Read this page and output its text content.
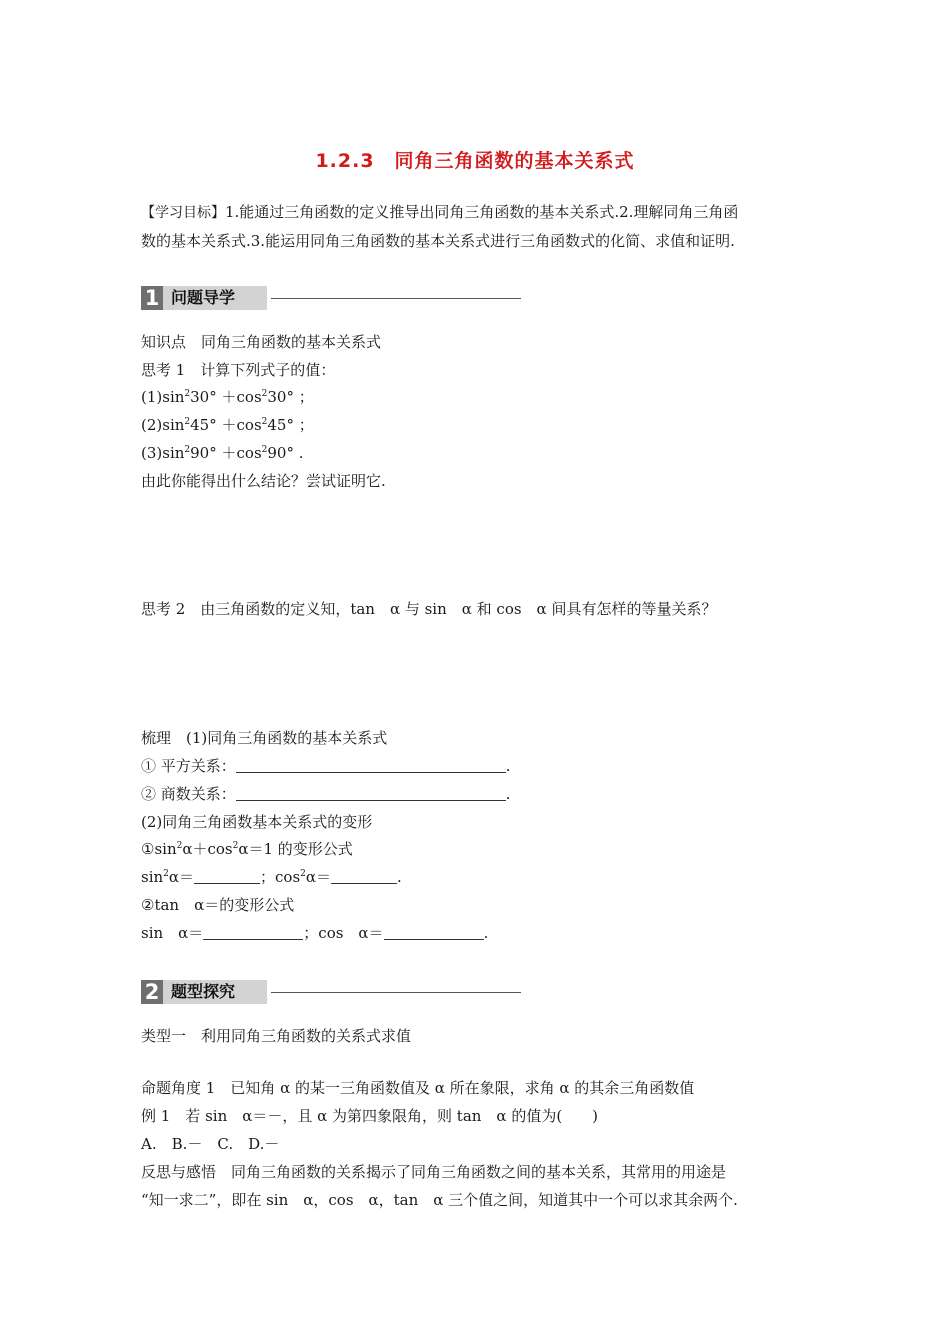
1.2.3　同角三角函数的基本关系式
【学习目标】1.能通过三角函数的定义推导出同角三角函数的基本关系式.2.理解同角三角函
数的基本关系式.3.能运用同角三角函数的基本关系式进行三角函数式的化简、求值和证明.
1 问题导学
知识点　同角三角函数的基本关系式
思考 1　计算下列式子的值：
$(1)\sin^230^\circ +\cos^230^\circ$ ；
$(2)\sin^245^\circ +\cos^245^\circ$ ；
$(3)\sin^290^\circ +\cos^290^\circ$ .
由此你能得出什么结论？尝试证明它.
思考 2　由三角函数的定义知，tan　α 与 sin　α 和 cos　α 间具有怎样的等量关系？
梳理　(1)同角三角函数的基本关系式
① 平方关系：	.
② 商数关系：	.
(2)同角三角函数基本关系式的变形
$①\sin^2\alpha+\cos^2\alpha=1$ 的变形公式
$\sin^2\alpha=$	；$\cos^2\alpha=$	.
②tan　α＝的变形公式
sin　α＝	；cos　α＝	.
2 题型探究
类型一　利用同角三角函数的关系式求值
命题角度 1　已知角 α 的某一三角函数值及 α 所在象限，求角 α 的其余三角函数值
例 1　若 sin　α＝－，且 α 为第四象限角，则 tan　α 的值为(　　)
A.　B.－　C.　D.－
反思与感悟　同角三角函数的关系揭示了同角三角函数之间的基本关系，其常用的用途是
“知一求二”，即在 sin　α，cos　α，tan　α 三个值之间，知道其中一个可以求其余两个.
